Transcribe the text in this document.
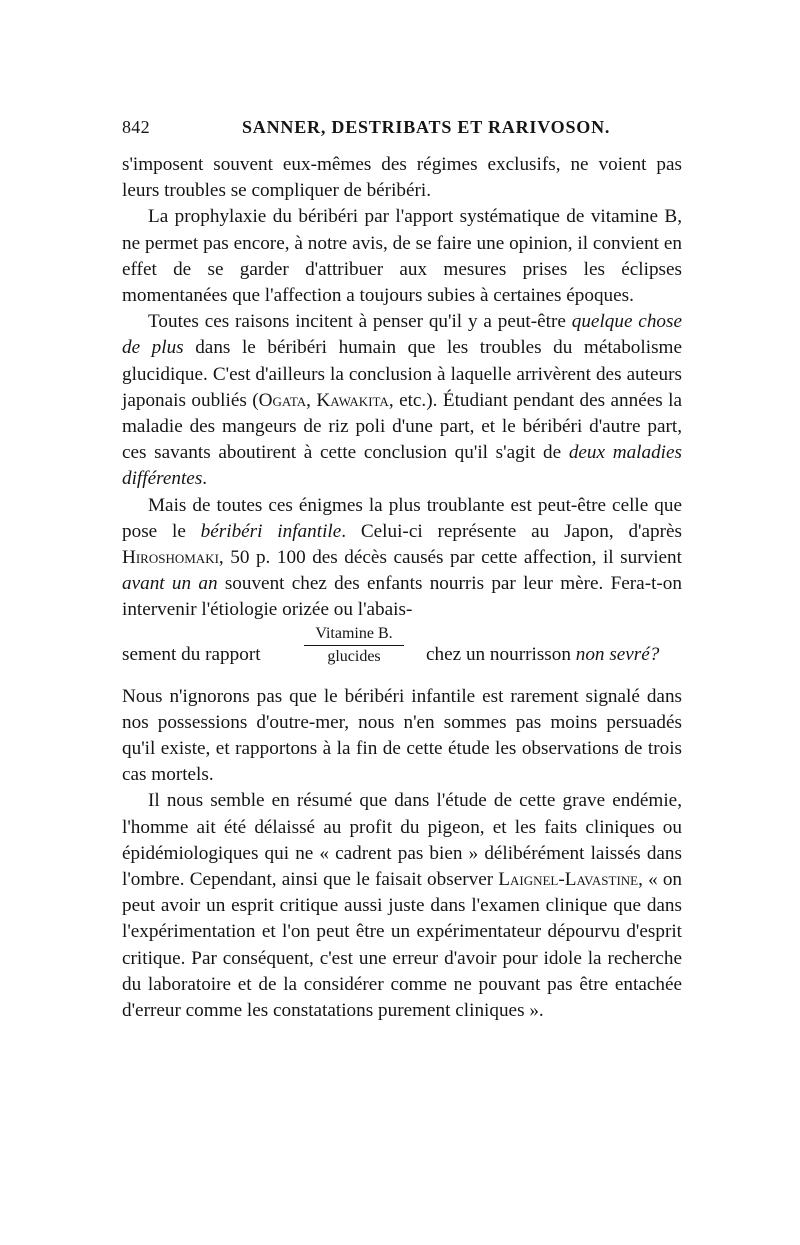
842	SANNER, DESTRIBATS ET RARIVOSON.

s'imposent souvent eux-mêmes des régimes exclusifs, ne voient pas leurs troubles se compliquer de béribéri.

La prophylaxie du béribéri par l'apport systématique de vitamine B, ne permet pas encore, à notre avis, de se faire une opinion, il convient en effet de se garder d'attribuer aux mesures prises les éclipses momentanées que l'affection a toujours subies à certaines époques.

Toutes ces raisons incitent à penser qu'il y a peut-être quelque chose de plus dans le béribéri humain que les troubles du métabolisme glucidique. C'est d'ailleurs la conclusion à laquelle arrivèrent des auteurs japonais oubliés (Ogata, Kawakita, etc.). Étudiant pendant des années la maladie des mangeurs de riz poli d'une part, et le béribéri d'autre part, ces savants aboutirent à cette conclusion qu'il s'agit de deux maladies différentes.

Mais de toutes ces énigmes la plus troublante est peut-être celle que pose le béribéri infantile. Celui-ci représente au Japon, d'après Hiroshomaki, 50 p. 100 des décès causés par cette affection, il survient avant un an souvent chez des enfants nourris par leur mère. Fera-t-on intervenir l'étiologie orizée ou l'abais-

sement du rapport
Vitamine B.
glucides	chez un nourrisson non sevré?

Nous n'ignorons pas que le béribéri infantile est rarement signalé dans nos possessions d'outre-mer, nous n'en sommes pas moins persuadés qu'il existe, et rapportons à la fin de cette étude les observations de trois cas mortels.

Il nous semble en résumé que dans l'étude de cette grave endémie, l'homme ait été délaissé au profit du pigeon, et les faits cliniques ou épidémiologiques qui ne « cadrent pas bien » délibérément laissés dans l'ombre. Cependant, ainsi que le faisait observer Laignel-Lavastine, « on peut avoir un esprit critique aussi juste dans l'examen clinique que dans l'expérimentation et l'on peut être un expérimentateur dépourvu d'esprit critique. Par conséquent, c'est une erreur d'avoir pour idole la recherche du laboratoire et de la considérer comme ne pouvant pas être entachée d'erreur comme les constatations purement cliniques ».
